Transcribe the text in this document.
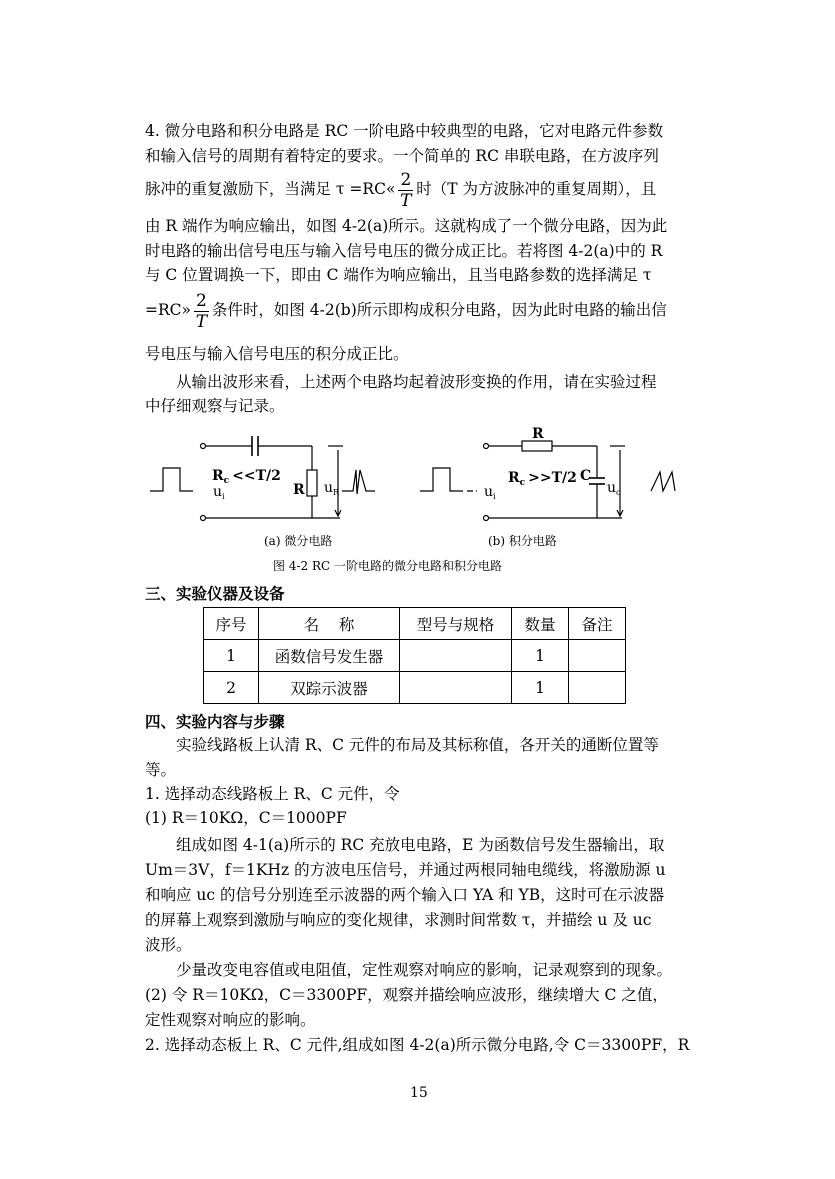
4. 微分电路和积分电路是 RC 一阶电路中较典型的电路，它对电路元件参数
和输入信号的周期有着特定的要求。一个简单的 RC 串联电路，在方波序列
脉冲的重复激励下，当满足 τ =RC« $\frac{2}{T}$ 时（T 为方波脉冲的重复周期），且
由 R 端作为响应输出，如图 4-2(a)所示。这就构成了一个微分电路，因为此
时电路的输出信号电压与输入信号电压的微分成正比。若将图 4-2(a)中的 R
与 C 位置调换一下，即由 C 端作为响应输出，且当电路参数的选择满足 τ
=RC» $\frac{2}{T}$ 条件时，如图 4-2(b)所示即构成积分电路，因为此时电路的输出信
号电压与输入信号电压的积分成正比。
从输出波形来看，上述两个电路均起着波形变换的作用，请在实验过程
中仔细观察与记录。
$R_c <<T/2$
$u_i$	R $u_R$
R
$R_c >>T/2$ C
$u_i$
$u_c$
(a) 微分电路	(b) 积分电路
图 4-2 RC 一阶电路的微分电路和积分电路
三、实验仪器及设备
序号	名    称	型号与规格	数量	备注
1	函数信号发生器		1	
2	双踪示波器		1	
四、实验内容与步骤
实验线路板上认清 R、C 元件的布局及其标称值，各开关的通断位置等
等。
1. 选择动态线路板上 R、C 元件，令
(1) R＝10KΩ，C＝1000PF
组成如图 4-1(a)所示的 RC 充放电电路，E 为函数信号发生器输出，取
Um＝3V，f＝1KHz 的方波电压信号，并通过两根同轴电缆线，将激励源 u
和响应 uc 的信号分别连至示波器的两个输入口 YA 和 YB，这时可在示波器
的屏幕上观察到激励与响应的变化规律，求测时间常数 τ，并描绘 u 及 uc
波形。
少量改变电容值或电阻值，定性观察对响应的影响，记录观察到的现象。
(2) 令 R＝10KΩ，C＝3300PF，观察并描绘响应波形，继续增大 C 之值，
定性观察对响应的影响。
2. 选择动态板上 R、C 元件,组成如图 4-2(a)所示微分电路,令 C＝3300PF，R
15
